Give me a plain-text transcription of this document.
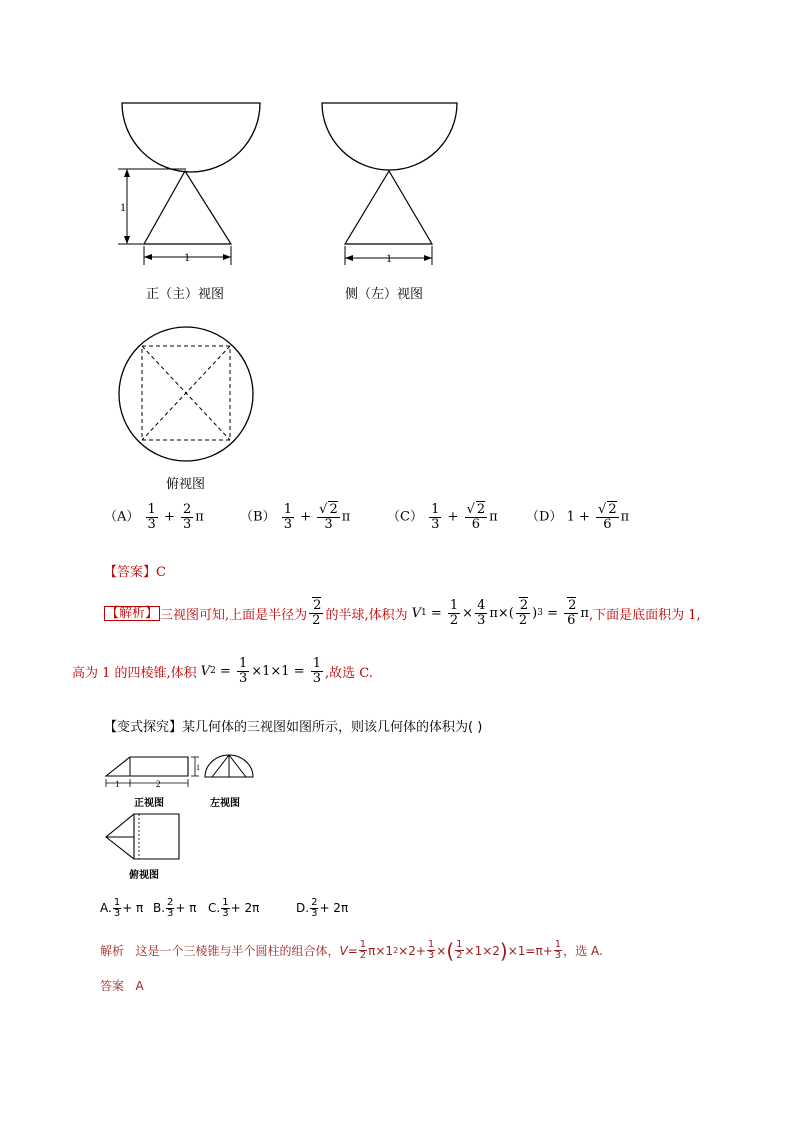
1
1	1
正（主）视图	侧（左）视图
俯视图
$(A) \frac{1}{3} + \frac{2}{3}$ π	$(B) \frac{1}{3} + \frac{√ 2}{3}$ π	$(C) \frac{1}{3} + \frac{√ 2}{6}$ π （D） $1 + \frac{√ 2}{6}$ π
【答案】C
【解析】 三视图可知,上面是半径为 $\frac{2}{2}$ 的半球,体积为 V $1 = \frac{1}{2} \times \frac{4}{3} \pi\times( \frac{2}{2}$ ) $3 = \frac{2}{6}$ π ,下面是底面积为 1,
高为 1 的四棱锥,体积 V $2 = \frac{1}{3} \times 1\times 1 = \frac{1}{3}$ ,故选 C.
【变式探究】某几何体的三视图如图所示，则该几何体的体积为( )
1	2
1
正视图	左视图
俯视图
A. $\frac{1}{3} + \pi$ B. $\frac{2}{3} + \pi$ C. $\frac{1}{3} + 2\pi$	D. $\frac{2}{3} + 2\pi$
解析
这是一个三棱锥与半个圆柱的组合体， V = 1
2 π×1 2 ×2+ 1
3 × ( 1
2 ×1×2 ) ×1=π+ 1
3 ，选 A.
答案 A
